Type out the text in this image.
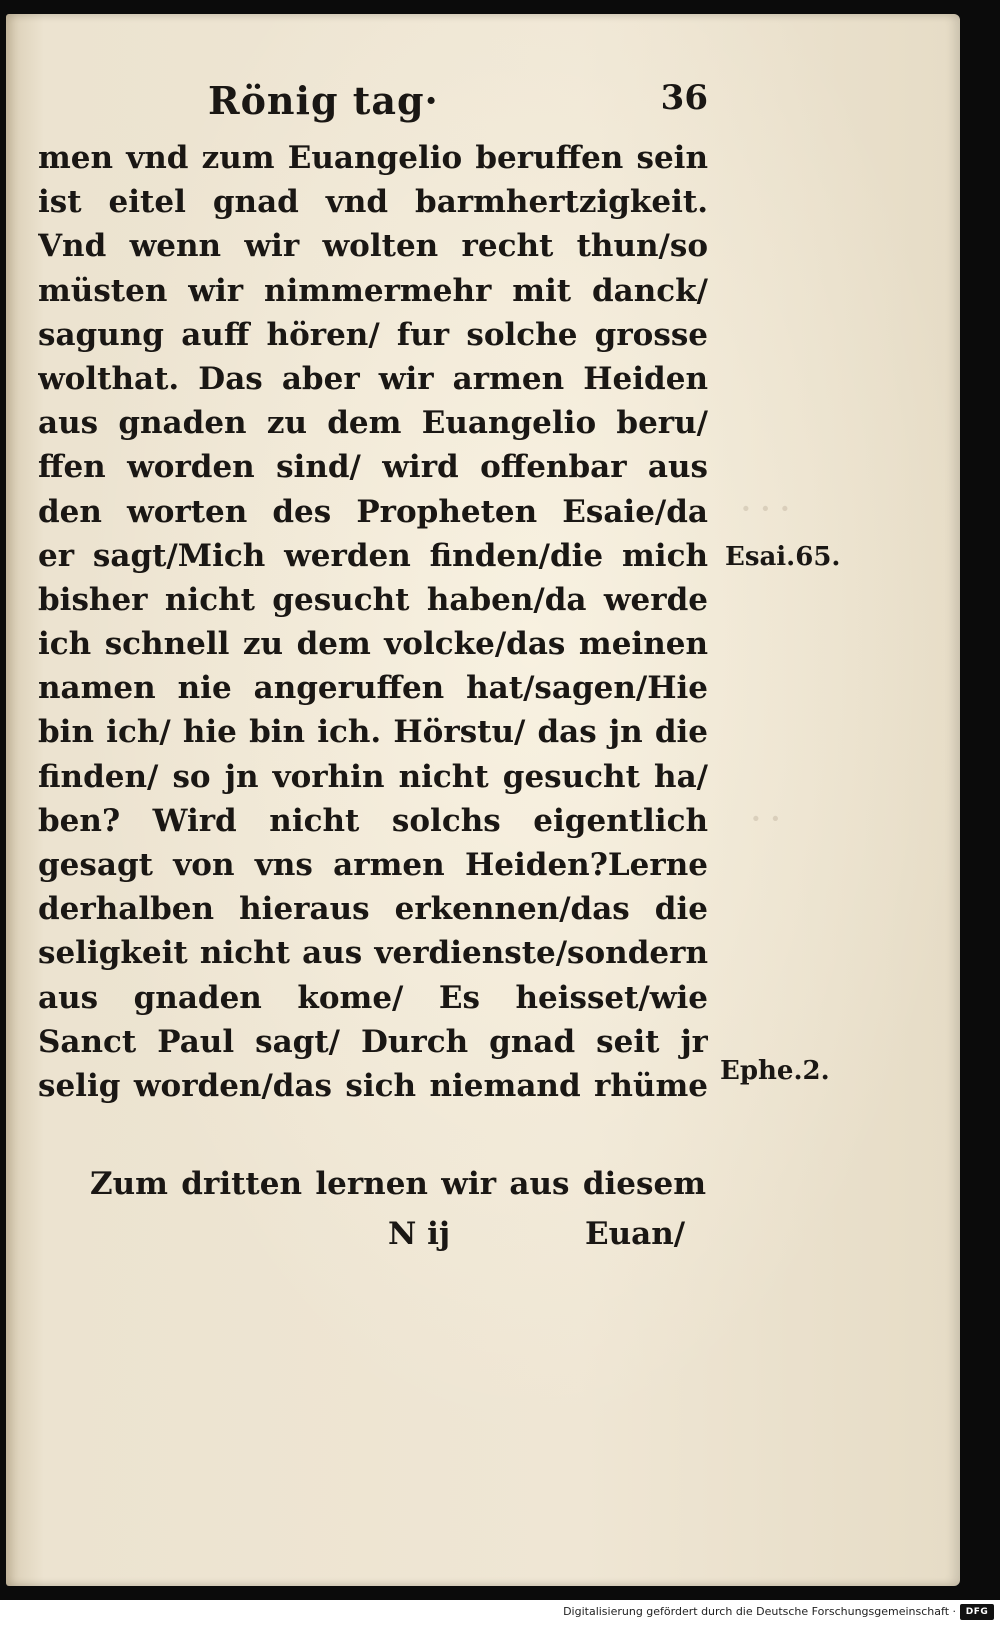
· · ·
· ·
Rönig tag·	36
men vnd zum Euangelio beruffen sein
ist eitel gnad vnd barmhertzigkeit.
Vnd wenn wir wolten recht thun/so
müsten wir nimmermehr mit danck/
sagung auff hören/ fur solche grosse
wolthat. Das aber wir armen Heiden
aus gnaden zu dem Euangelio beru/
ffen worden sind/ wird offenbar aus
den worten des Propheten Esaie/da
er sagt/Mich werden finden/die mich
bisher nicht gesucht haben/da werde
ich schnell zu dem volcke/das meinen
namen nie angeruffen hat/sagen/Hie
bin ich/ hie bin ich. Hörstu/ das jn die
finden/ so jn vorhin nicht gesucht ha/
ben? Wird nicht solchs eigentlich
gesagt von vns armen Heiden?Lerne
derhalben hieraus erkennen/das die
seligkeit nicht aus verdienste/sondern
aus gnaden kome/ Es heisset/wie
Sanct Paul sagt/ Durch gnad seit jr
selig worden/das sich niemand rhüme
Zum dritten lernen wir aus diesem
N ij	Euan/
Esai.65.
Ephe.2.
Digitalisierung gefördert durch die Deutsche Forschungsgemeinschaft ·	DFG
